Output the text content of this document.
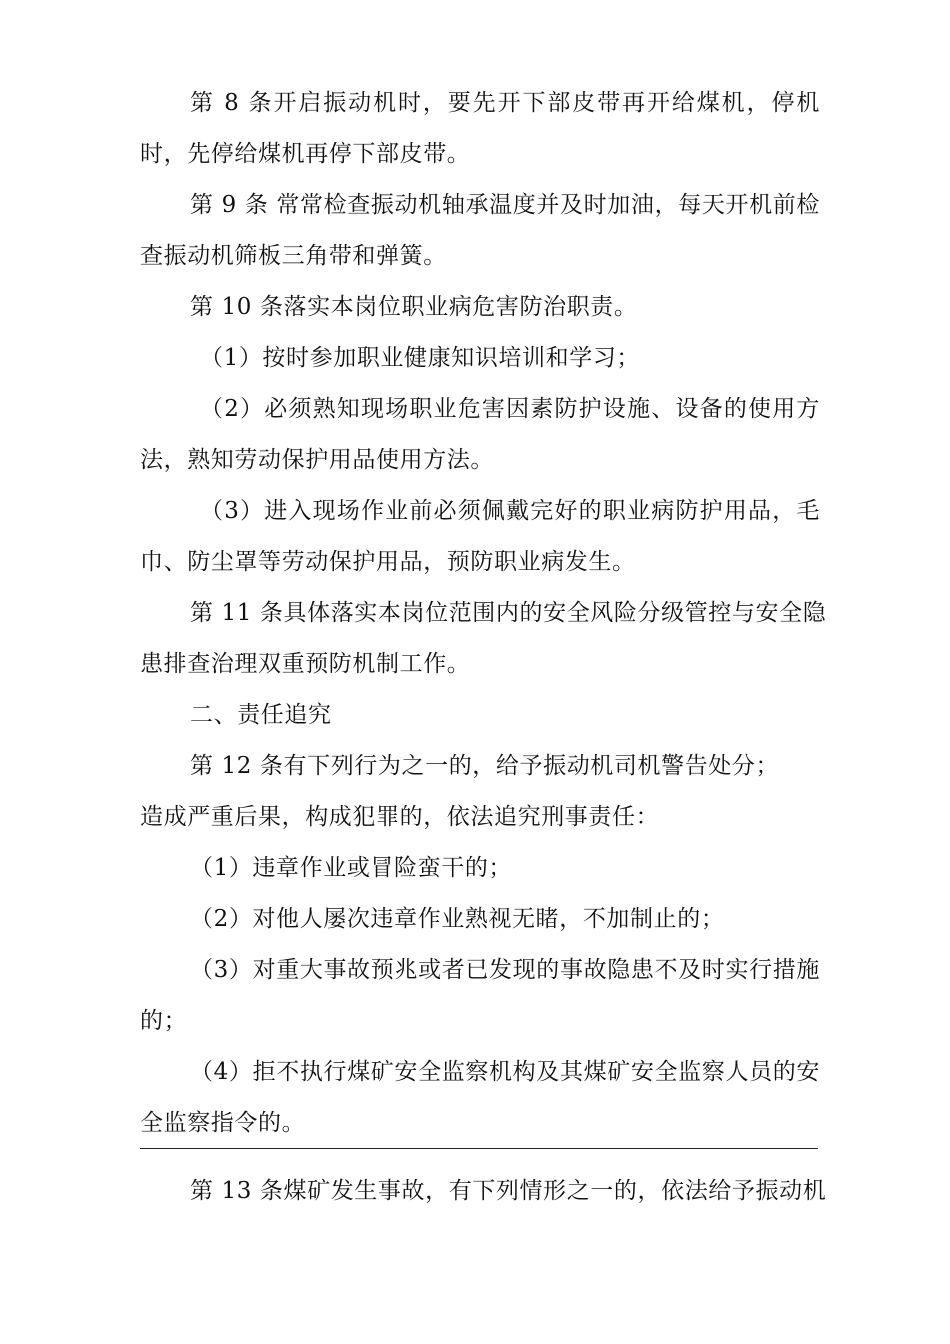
第 8 条开启振动机时，要先开下部皮带再开给煤机，停机
时，先停给煤机再停下部皮带。
第 9 条 常常检查振动机轴承温度并及时加油，每天开机前检
查振动机筛板三角带和弹簧。
第 10 条落实本岗位职业病危害防治职责。
（1）按时参加职业健康知识培训和学习；
（2）必须熟知现场职业危害因素防护设施、设备的使用方
法，熟知劳动保护用品使用方法。
（3）进入现场作业前必须佩戴完好的职业病防护用品，毛
巾、防尘罩等劳动保护用品，预防职业病发生。
第 11 条具体落实本岗位范围内的安全风险分级管控与安全隐
患排查治理双重预防机制工作。
二、责任追究
第 12 条有下列行为之一的，给予振动机司机警告处分；
造成严重后果，构成犯罪的，依法追究刑事责任：
（1）违章作业或冒险蛮干的；
（2）对他人屡次违章作业熟视无睹，不加制止的；
（3）对重大事故预兆或者已发现的事故隐患不及时实行措施
的；
（4）拒不执行煤矿安全监察机构及其煤矿安全监察人员的安
全监察指令的。
第 13 条煤矿发生事故，有下列情形之一的，依法给予振动机
